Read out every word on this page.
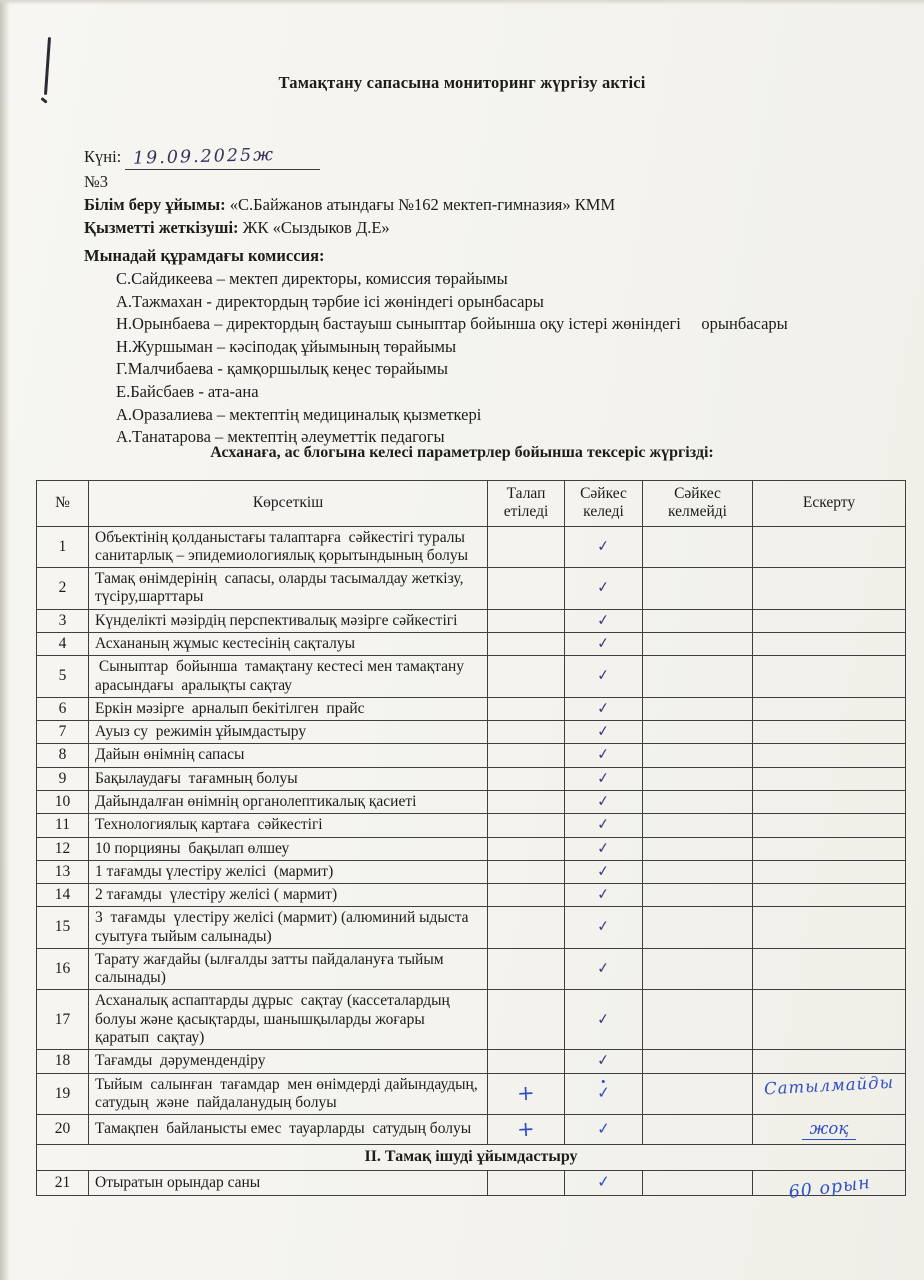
Тамақтану сапасына мониторинг жүргізу актісі
Күні: 19.09.2025ж
№3
Білім беру ұйымы: «С.Байжанов атындағы №162 мектеп-гимназия» КММ
Қызметті жеткізуші: ЖК «Сыздыков Д.Е»

Мынадай құрамдағы комиссия:

С.Сайдикеева – мектеп директоры, комиссия төрайымы
А.Тажмахан - директордың тәрбие ісі жөніндегі орынбасары
Н.Орынбаева – директордың бастауыш сыныптар бойынша оқу істері жөніндегі     орынбасары
Н.Журшыман – кәсіподақ ұйымының төрайымы
Г.Малчибаева - қамқоршылық кеңес төрайымы
Е.Байсбаев - ата-ана
А.Оразалиева – мектептің медициналық қызметкері
А.Танатарова – мектептің әлеуметтік педагогы

Асханаға, ас блогына келесі параметрлер бойынша тексеріс жүргізді:

№	Көрсеткіш	Талап етіледі	Сәйкес келеді	Сәйкес келмейді	Ескерту
1	Объектінің қолданыстағы талаптарға  сәйкестігі туралы  санитарлық – эпидемиологиялық қорытындының болуы		✓		
2	Тамақ өнімдерінің  сапасы, оларды тасымалдау жеткізу, түсіру,шарттары		✓		
3	Күнделікті мәзірдің перспективалық мәзірге сәйкестігі		✓		
4	Асхананың жұмыс кестесінің сақталуы		✓		
5	Сыныптар  бойынша  тамақтану кестесі мен тамақтану  арасындағы  аралықты сақтау		✓		
6	Еркін мәзірге  арналып бекітілген  прайс		✓		
7	Ауыз су  режимін ұйымдастыру		✓		
8	Дайын өнімнің сапасы		✓		
9	Бақылаудағы  тағамның болуы		✓		
10	Дайындалған өнімнің органолептикалық қасиеті		✓		
11	Технологиялық картаға  сәйкестігі		✓		
12	10 порцияны  бақылап өлшеу		✓		
13	1 тағамды үлестіру желісі  (мармит)		✓		
14	2 тағамды  үлестіру желісі ( мармит)		✓		
15	3  тағамды  үлестіру желісі (мармит) (алюминий ыдыста суытуға тыйым салынады)		✓		
16	Тарату жағдайы (ылғалды затты пайдалануға тыйым салынады)		✓		
17	Асханалық аспаптарды дұрыс  сақтау (кассеталардың болуы және қасықтарды, шанышқыларды жоғары қаратып  сақтау)		✓		
18	Тағамды  дәрумендендіру		✓		
19	Тыйым  салынған  тағамдар  мен өнімдерді дайындаудың,  сатудың  және  пайдаланудың болуы	+	✓		Сатылмайды
20	Тамақпен  байланысты емес  тауарларды  сатудың болуы	+	✓		жоқ
ІІ. Тамақ ішуді ұйымдастыру					
21	Отыратын орындар саны		✓		60 орын
